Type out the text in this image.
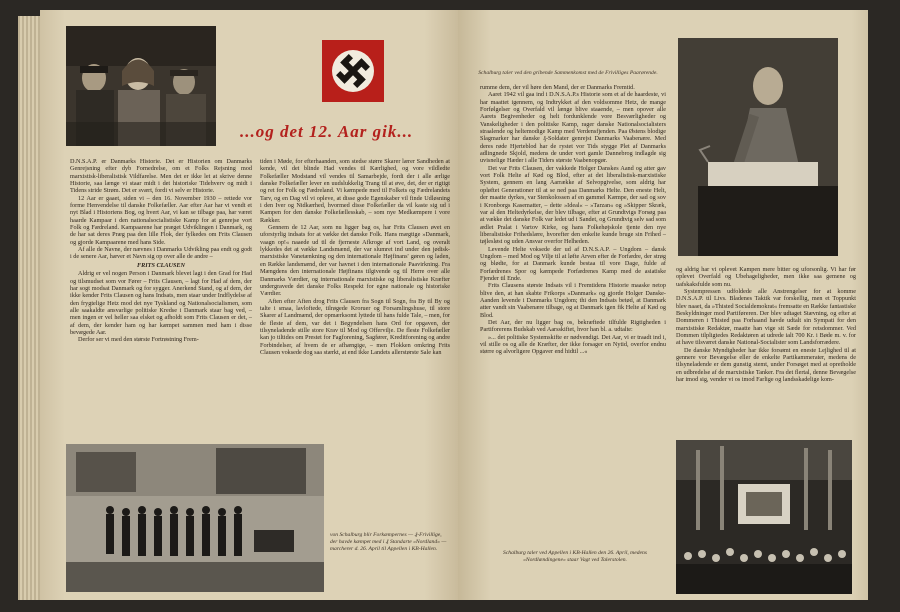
...og det 12. Aar gik...

D.N.S.A.P. er Danmarks Historie. Det er Historien om Danmarks Genrejsning efter dyb Fornedrelse, om et Folks Rejsning mod marxistisk-liberalistisk Vildfarelse. Men det er ikke let at skrive denne Historie, saa længe vi staar midt i det historiske Tidehverv og midt i Tidens stride Strøm. Det er svært, fordi vi selv er Historie.

12 Aar er gaaet, siden vi – den 16. November 1930 – rettede vor forme Henvendelse til danske Folkefæller. Aar efter Aar har vi vendt et nyt Blad i Historiens Bog, og hvert Aar, vi kan se tilbage paa, har været haarde Kampaar i den nationalsocialistiske Kamp for at genrejse vort Folk og Fædreland. Kampaarene har præget Udviklingen i Danmark, og de har sat deres Præg paa den lille Flok, der fylkedes om Frits Clausen og gjorde Kampaarene med hans Side.

Af alle de Navne, der nævnes i Danmarks Udvikling paa endt og godt i de senere Aar, hæver et Navn sig op over alle de andre –

FRITS CLAUSEN

Aldrig er vel nogen Person i Danmark blevet lagt i den Grad for Had og tilsmudset som vor Fører – Frits Clausen, – lagt for Had af dem, der har sogt modsat Danmark og for sygger. Anerkend Stand, og af dem, der ikke kender Frits Clausen og hans Indsats, men staar under Indflydelse af den frygtelige Hetz mod det nye Tyskland og Nationalsocialismen, som alle saakaldte ansvarlige politiske Kredse i Danmark staar bag ved, – men ingen er vel heller saa elsket og afholdt som Frits Clausen er det, – af dem, der kender ham og har kæmpet sammen med ham i disse bevægede Aar.

Derfor ser vi med den største Fortrøstning Frem-

tiden i Møde, for efterhaanden, som stedse større Skarer lærer Sandheden at kende, vil det blinde Had vendes til Kærlighed, og vore vildledte Folkefæller Modstand vil vendes til Samarbejde, fordi der i alle ærlige danske Folkefæller lever en uudslukkelig Trang til at øve, det, der er rigtigt og ret for Folk og Fædreland. Vi kæmpede med til Folkets og Fædrelandets Tarv, og en Dag vil vi opleve, at disse gode Egenskaber vil finde Udløsning i den Iver og Nidkærhed, hvormed disse Folkefæller da vil kaste sig ud i Kampen for den danske Folkefællesskab, – som nye Medkæmpere i vore Rækker.

Gennem de 12 Aar, som nu ligger bag os, har Frits Clausen øvet en uforstyrlig indsats for at vække det danske Folk. Hans mægtige »Danmark, vaagn op!« naaede ud til de fjerneste Afkroge af vort Land, og overalt lykkedes det at vække Landsmænd, der var slumret ind under den jødisk-marxistiske Vanetænkning og den internationale Højfinans' gøren og laden, en Række landsmænd, der var havnet i den internationale Paavirkning. Fra Mængdens den internationale Højfinans tilgivende og til Herre over alle Danmarks Værdier, og internationale marxistiske og liberalistiske Kræfter undergravede det danske Folks Respekt for egne nationale og historiske Værdier.

Aften efter Aften drog Frits Clausen fra Sogn til Sogn, fra By til By og talte i smaa, lavloftede, tilrøgede Kroruer og Forsamlingshuse, til store Skarer af Landmænd, der opmærksomt lyttede til hans fulde Tale, – men, for de fleste af dem, var det i Begyndelsen hans Ord for opgaven, der tilsyneladende stille store Krav til Mod og Offervilje. De fleste Folkefæller kan jo tiltides om Prestet for Fagforening, Sagfører, Kreditforening og andre Forbindelser, af hvem de er afhængige, – men Flokken omkring Frits Clausen voksede dog saa stærkt, at end ikke Landets allerstørste Sale kan

von Schalburg blir Forkæmpernes — ₰-Frivillige, der havde kæmpet med i ₰ Standarte »Nordland« — marcherer d. 26. April til Appellen i KB-Hallen.
Schalburg taler ved den gribende Sammenkomst med de Frivilliges Paarørende.

rumme dem, der vil høre den Mand, der er Danmarks Fremtid.

Aaret 1942 vil gaa ind i D.N.S.A.P.s Historie som et af de haardeste, vi har maattet igennem, og Indtrykket af den voldsomme Hetz, de mange Forfølgelser og Overfald vil længe blive staaende, – men opover alle Aarets Begivenheder og helt fordunklende vore Besværligheder og Vanskeligheder i den politiske Kamp, rager danske Nationalsocialisters straalende og heltemodige Kamp med Verdensfjenden. Paa Østens blodige Slagmarker har danske ₰-Soldater genrejst Danmarks Vaabenære. Med deres røde Hjerteblod har de rystet vor Tids stygge Plet af Danmarks adlingnede Skjold, medens de under vort gamle Dannebrog indlagde sig uvisnelige Hæder i alle Tiders største Vaabenopgør.

Det var Frits Clausen, der vakkede Holger Danskes Aand og atter gav vort Folk Helte af Kød og Blod, efter at det liberalistisk-marxistiske System, gennem en lang Aarrække af Selvopgivelse, som aldrig har opløftet Generationer til at se ned paa Danmarks Helte. Den eneste Helt, der maatte dyrkes, var Stenkolossen af en gammel Kæmpe, der sad og sov i Kronborgs Kasematter, – dette »Ideal« – »Tarzan« og »Skipper Skræk, var al den Heltedyrkelse, der blev tilbage, efter at Grundtvigs Forsøg paa at vække det danske Folk var ledet ud i Sandet, og Grundtvig selv sad som ædlet Pralat i Vartov Kirke, og hans Folkehøjskole tjente den nye liberalistiske Frihedslære, hvorefter den enkelte kunde bruge sin Frihed – tøjlesløst og uden Ansvar overfor Helheden.

Levende Helte voksede der ud af D.N.S.A.P. – Ungdom – dansk Ungdom – med Mod og Vilje til at løfte Arven efter de Forfædre, der strøg og blødte, for at Danmark kunde bestaa til vore Dage, fulde af Forfædrenes Spor og kæmpede Forfædrenes Kamp med de asiatiske Fjender til Ende.

Frits Clausens største Indsats vil i Fremtidens Historie maaske netop blive den, at han skabte Frikorps »Danmark« og gjorde Holger Danske-Aanden levende i Danmarks Ungdom; thi den Indsats betød, at Danmark atter vandt sin Vaabenære tilbage, og at Danmark igen fik Helte af Kød og Blod.

Det Aar, der nu ligger bag os, bekræftede tilfulde Rigtigheden i Partiforerens Budskab ved Aarsskiftet, hvor han bl. a. udtalte:

»... det politiske Systemskifte er nødvendigt. Det Aar, vi er traadt ind i, vil stille os og alle de Kræfter, der ikke forsager en Nytid, overfor endnu større og alvorligere Opgaver end hidtil ...«

Schalburg taler ved Appellen i KB-Hallen den 26. April, medens »Nordlændingene« staar Vagt ved Talerstolen.

og aldrig har vi oplevet Kampen mere bitter og uforsonlig. Vi har før oplevet Overfald og Ubehageligheder, men ikke saa gemene og uafskaksfulde som nu.

Systempressen udfoldede alle Anstrengelser for at komme D.N.S.A.P. til Livs. Bladenes Taktik var forskellig, men et Toppunkt blev naaet, da »Thisted Socialdemokrat« fremsatte en Række fantastiske Beskyldninger mod Partiføreren. Der blev udtaget Stævning, og efter at Dommeren i Thisted paa Forhaand havde udtalt sin Sympati for den marxistiske Redaktør, maatte han vige sit Sæde for retsdommer. Ved Dommen tilpligtedes Redaktøren at udrede ialt 700 Kr. i Bøde m. v. for at have tilsværet danske National-Socialister som Landsforrædere.

De danske Myndigheder har ikke forsømt en eneste Lejlighed til at gennere vor Bevægelse eller de enkelte Partikammerater, medens de tilsyneladende er dem gunstig stemt, under Forsøget med at opretholde en udbredelse af de marxistiske Tanker. Fra det flertal, denne Bevægelse har imod sig, vender vi os imod Farlige og landsskadelige kom-
